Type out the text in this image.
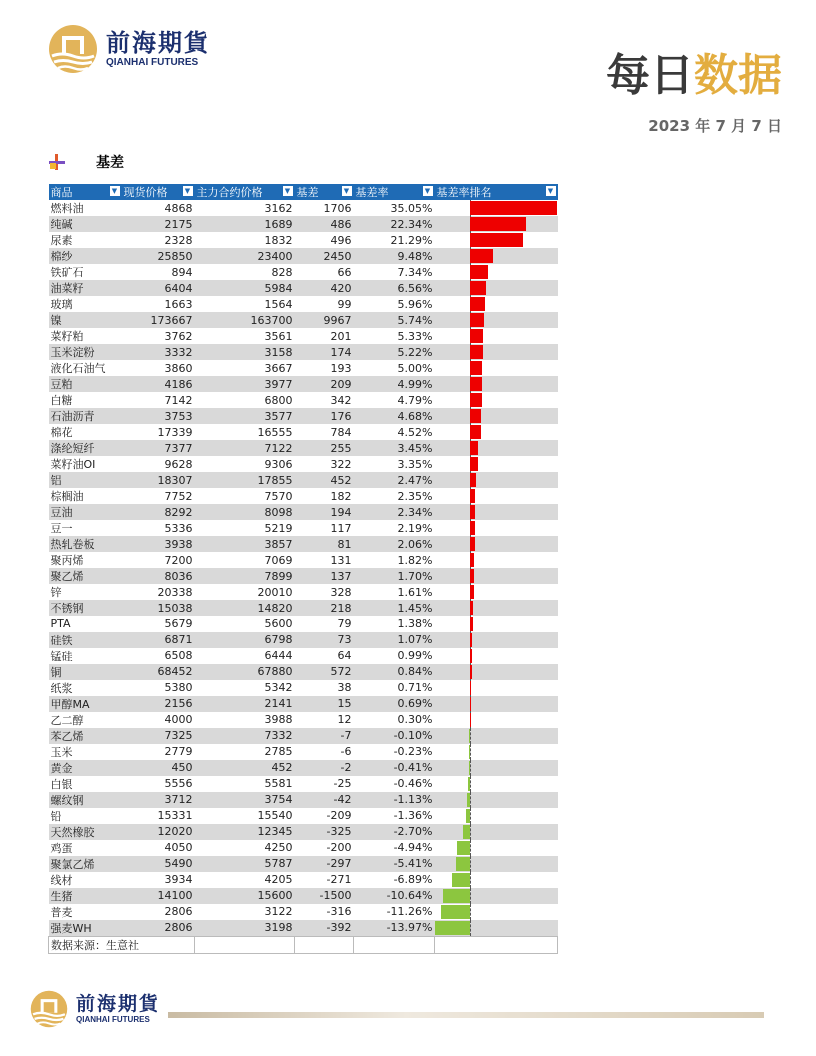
前海期貨
QIANHAI FUTURES	每日数据
2023 年 7 月 7 日
基差
商品 ▼	现货价格 ▼	主力合约价格 ▼	基差 ▼	基差率 ▼	基差率排名 ▼

燃料油	4868	3162	1706	35.05%	

纯碱	2175	1689	486	22.34%	

尿素	2328	1832	496	21.29%	

棉纱	25850	23400	2450	9.48%	

铁矿石	894	828	66	7.34%	

油菜籽	6404	5984	420	6.56%	

玻璃	1663	1564	99	5.96%	

镍	173667	163700	9967	5.74%	

菜籽粕	3762	3561	201	5.33%	

玉米淀粉	3332	3158	174	5.22%	

液化石油气	3860	3667	193	5.00%	

豆粕	4186	3977	209	4.99%	

白糖	7142	6800	342	4.79%	

石油沥青	3753	3577	176	4.68%	

棉花	17339	16555	784	4.52%	

涤纶短纤	7377	7122	255	3.45%	

菜籽油OI	9628	9306	322	3.35%	

铝	18307	17855	452	2.47%	

棕榈油	7752	7570	182	2.35%	

豆油	8292	8098	194	2.34%	

豆一	5336	5219	117	2.19%	

热轧卷板	3938	3857	81	2.06%	

聚丙烯	7200	7069	131	1.82%	

聚乙烯	8036	7899	137	1.70%	

锌	20338	20010	328	1.61%	

不锈钢	15038	14820	218	1.45%	

PTA	5679	5600	79	1.38%	

硅铁	6871	6798	73	1.07%	

锰硅	6508	6444	64	0.99%	

铜	68452	67880	572	0.84%	

纸浆	5380	5342	38	0.71%	

甲醇MA	2156	2141	15	0.69%	

乙二醇	4000	3988	12	0.30%	

苯乙烯	7325	7332	-7	-0.10%	

玉米	2779	2785	-6	-0.23%	

黄金	450	452	-2	-0.41%	

白银	5556	5581	-25	-0.46%	

螺纹钢	3712	3754	-42	-1.13%	

铅	15331	15540	-209	-1.36%	

天然橡胶	12020	12345	-325	-2.70%	

鸡蛋	4050	4250	-200	-4.94%	

聚氯乙烯	5490	5787	-297	-5.41%	

线材	3934	4205	-271	-6.89%	

生猪	14100	15600	-1500	-10.64%	

普麦	2806	3122	-316	-11.26%	

强麦WH	2806	3198	-392	-13.97%	

数据来源：生意社					
前海期貨
QIANHAI FUTURES
